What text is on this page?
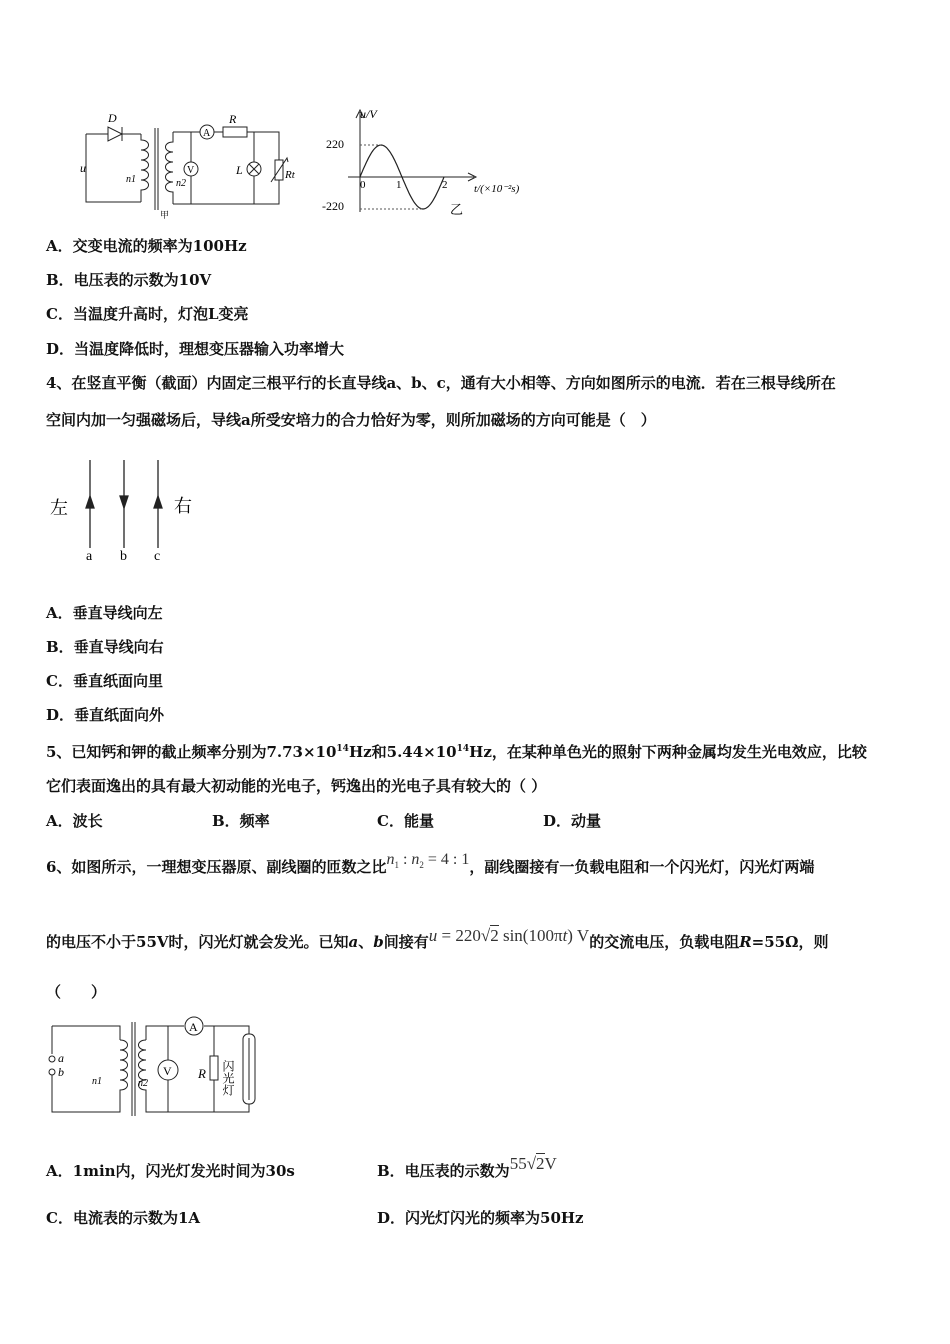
D
u
n1	n2
A
V
R
L	Rt
甲
u/V
220
-220
0	1	2 t/(×10⁻²s)
乙
A．交变电流的频率为100Hz
B．电压表的示数为10V
C．当温度升高时，灯泡L变亮
D．当温度降低时，理想变压器输入功率增大
4、在竖直平衡（截面）内固定三根平行的长直导线a、b、c，通有大小相等、方向如图所示的电流．若在三根导线所在
空间内加一匀强磁场后，导线a所受安培力的合力恰好为零，则所加磁场的方向可能是（　）
左	右
a b c
A．垂直导线向左
B．垂直导线向右
C．垂直纸面向里
D．垂直纸面向外
5、已知钙和钾的截止频率分别为$7.73\times 10^{14}Hz$和$5.44\times 10^{14}Hz$，在某种单色光的照射下两种金属均发生光电效应，比较
它们表面逸出的具有最大初动能的光电子，钙逸出的光电子具有较大的（ ）
A．波长	B．频率	C．能量	D．动量
6、如图所示，一理想变压器原、副线圈的匝数之比$n_1$ : $n_2 = 4$ : 1，副线圈接有一负载电阻和一个闪光灯，闪光灯两端
的电压不小于55V时，闪光灯就会发光。已知a、b间接有u = 220√2 sin(100πt) V的交流电压，负载电阻R=55Ω，则
（　　）
a
b
n1	n2
A
V R 闪光灯
A．1min内，闪光灯发光时间为30s	B．电压表的示数为55√2V
C．电流表的示数为1A	D．闪光灯闪光的频率为50Hz
